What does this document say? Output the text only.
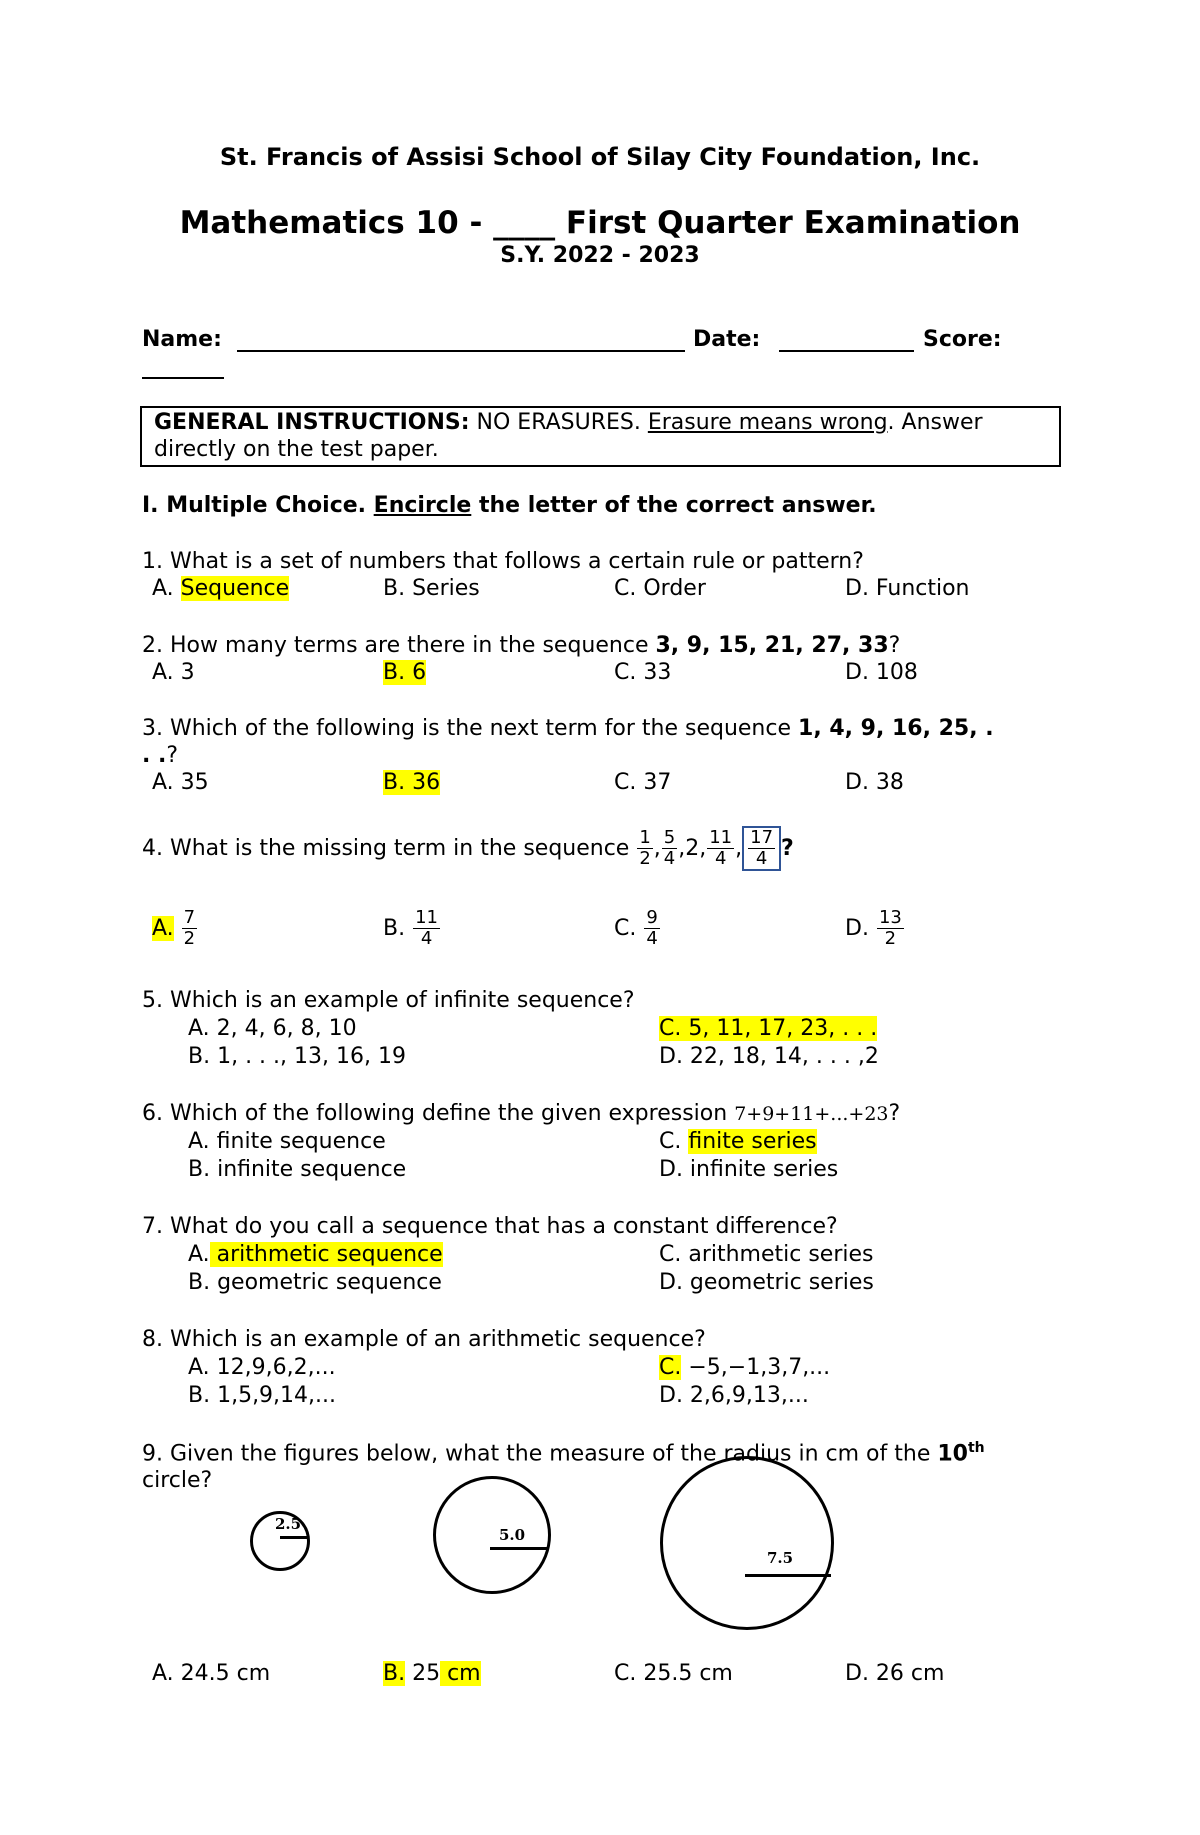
St. Francis of Assisi School of Silay City Foundation, Inc.
Mathematics 10 - ____ First Quarter Examination
S.Y. 2022 - 2023
Name:	Date:	Score:
GENERAL INSTRUCTIONS: NO ERASURES. Erasure means wrong. Answer
directly on the test paper.
I. Multiple Choice. Encircle the letter of the correct answer.
1. What is a set of numbers that follows a certain rule or pattern?
A. Sequence	B. Series	C. Order	D. Function
2. How many terms are there in the sequence 3, 9, 15, 21, 27, 33?
A. 3	B. 6	C. 33	D. 108
3. Which of the following is the next term for the sequence 1, 4, 9, 16, 25, .
. .?
A. 35	B. 36	C. 37	D. 38
4. What is the missing term in the sequence $\frac{1}{2}$ , $\frac{5}{4} ,2$, $\frac{11}{4}$ , $\frac{17}{4}$ ?
A. $\frac{7}{2}$	B. $\frac{11}{4}$	C. $\frac{9}{4}$	D. $\frac{13}{2}$
5. Which is an example of infinite sequence?
A. 2, 4, 6, 8, 10	C. 5, 11, 17, 23, . . .
B. 1, . . ., 13, 16, 19	D. 22, 18, 14, . . . ,2
6. Which of the following define the given expression 7+9+11+...+23?
A. finite sequence	C. finite series
B. infinite sequence	D. infinite series
7. What do you call a sequence that has a constant difference?
A. arithmetic sequence	C. arithmetic series
B. geometric sequence	D. geometric series
8. Which is an example of an arithmetic sequence?
A. 12,9,6,2,...	C. −5,−1,3,7,...
B. 1,5,9,14,...	D. 2,6,9,13,...
9. Given the figures below, what the measure of the radius in cm of the 10th
circle?
2.5
5.0
7.5
A. 24.5 cm	B. 25 cm	C. 25.5 cm	D. 26 cm
